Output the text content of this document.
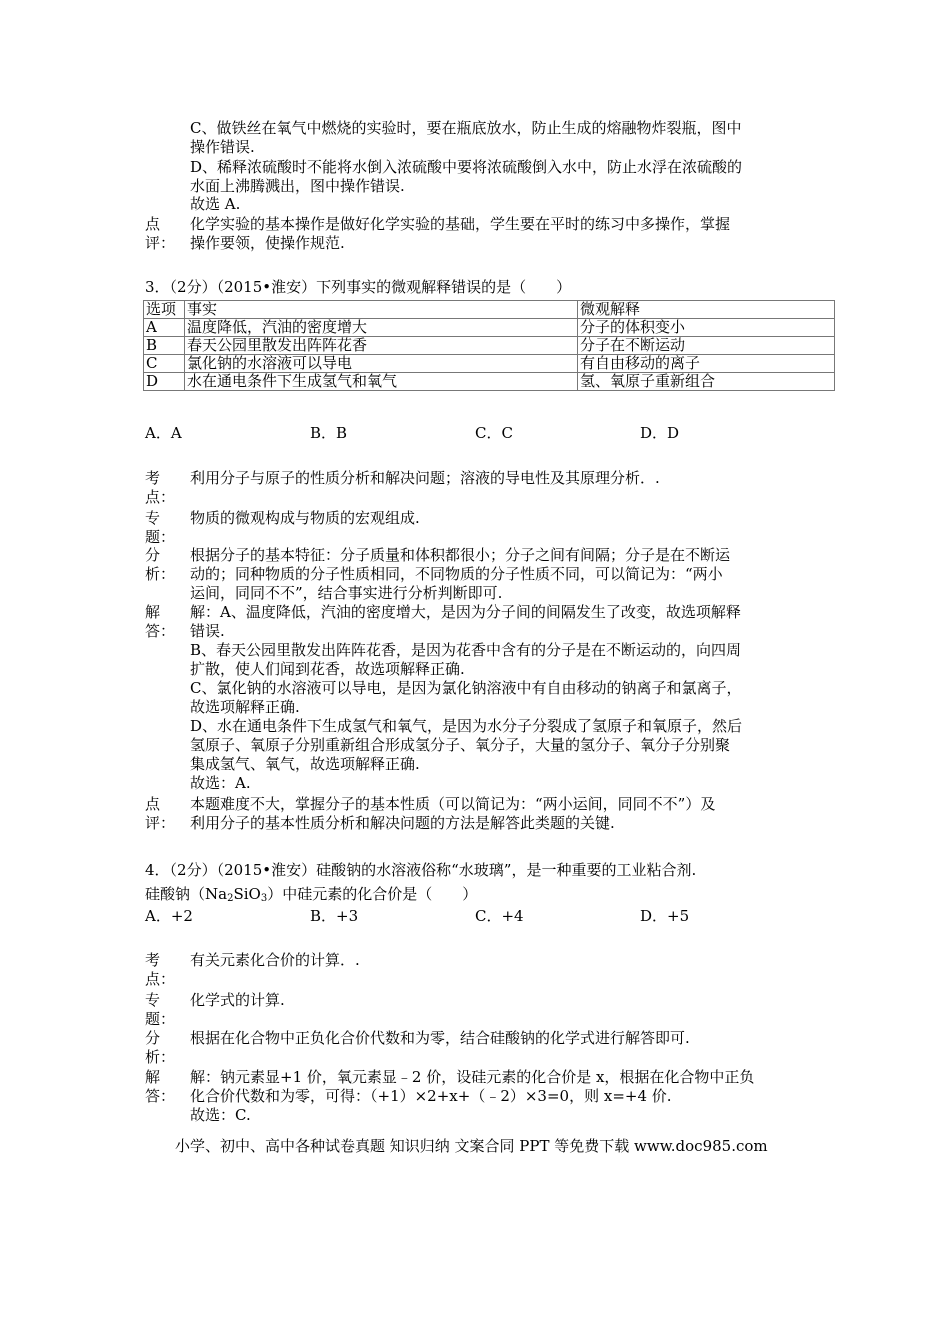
C、做铁丝在氧气中燃烧的实验时，要在瓶底放水，防止生成的熔融物炸裂瓶，图中
操作错误.
D、稀释浓硫酸时不能将水倒入浓硫酸中要将浓硫酸倒入水中，防止水浮在浓硫酸的
水面上沸腾溅出，图中操作错误.
故选 A.
点
评：
化学实验的基本操作是做好化学实验的基础，学生要在平时的练习中多操作，掌握
操作要领，使操作规范.
3．（2分）（2015•淮安）下列事实的微观解释错误的是（　　）
选项	事实	微观解释
A	温度降低，汽油的密度增大	分子的体积变小
B	春天公园里散发出阵阵花香	分子在不断运动
C	氯化钠的水溶液可以导电	有自由移动的离子
D	水在通电条件下生成氢气和氧气	氢、氧原子重新组合
A．A	B．B	C．C	D．D
考
点：
利用分子与原子的性质分析和解决问题；溶液的导电性及其原理分析．.
专
题：
物质的微观构成与物质的宏观组成.
分
析：
根据分子的基本特征：分子质量和体积都很小；分子之间有间隔；分子是在不断运
动的；同种物质的分子性质相同，不同物质的分子性质不同，可以简记为：“两小
运间，同同不不”，结合事实进行分析判断即可.
解
答：
解：A、温度降低，汽油的密度增大，是因为分子间的间隔发生了改变，故选项解释
错误.
B、春天公园里散发出阵阵花香，是因为花香中含有的分子是在不断运动的，向四周
扩散，使人们闻到花香，故选项解释正确.
C、氯化钠的水溶液可以导电，是因为氯化钠溶液中有自由移动的钠离子和氯离子，
故选项解释正确.
D、水在通电条件下生成氢气和氧气，是因为水分子分裂成了氢原子和氧原子，然后
氢原子、氧原子分别重新组合形成氢分子、氧分子，大量的氢分子、氧分子分别聚
集成氢气、氧气，故选项解释正确.
故选：A.
点
评：
本题难度不大，掌握分子的基本性质（可以简记为：“两小运间，同同不不”）及
利用分子的基本性质分析和解决问题的方法是解答此类题的关键.
4．（2分）（2015•淮安）硅酸钠的水溶液俗称“水玻璃”，是一种重要的工业粘合剂.
硅酸钠$(Na_2SiO_3)$中硅元素的化合价是（　　）
A．+2	B．+3	C．+4	D．+5
考
点：
有关元素化合价的计算．.
专
题：
化学式的计算.
分
析：
根据在化合物中正负化合价代数和为零，结合硅酸钠的化学式进行解答即可.
解
答：
解：钠元素显+1 价，氧元素显﹣2 价，设硅元素的化合价是 x，根据在化合物中正负
化合价代数和为零，可得：（+1）×2+x+（﹣2）×3=0，则 x=+4 价.
故选：C.
小学、初中、高中各种试卷真题 知识归纳 文案合同 PPT 等免费下载 www.doc985.com
